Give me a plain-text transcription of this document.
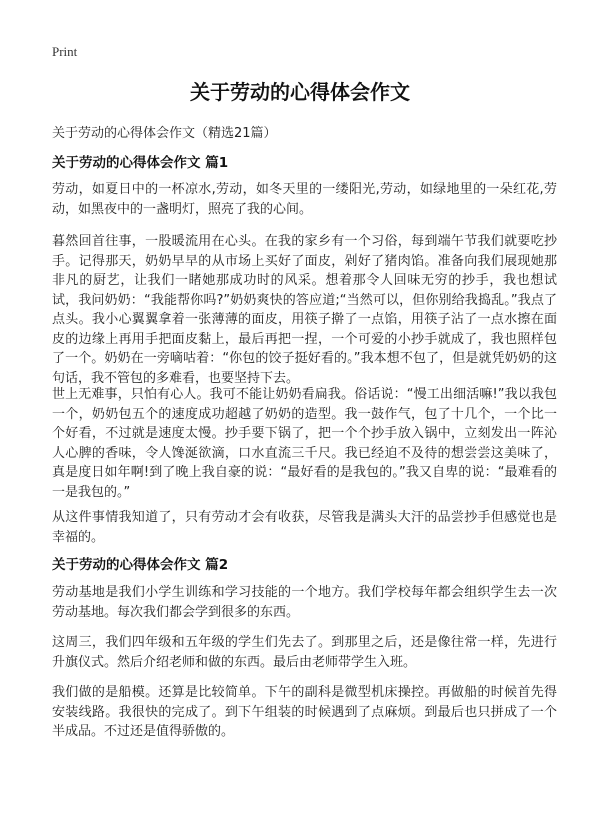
Print
关于劳动的心得体会作文
关于劳动的心得体会作文（精选21篇）
关于劳动的心得体会作文 篇1

劳动，如夏日中的一杯凉水,劳动，如冬天里的一缕阳光,劳动，如绿地里的一朵红花,劳动，如黑夜中的一盏明灯，照亮了我的心间。

暮然回首往事，一股暖流用在心头。在我的家乡有一个习俗，每到端午节我们就要吃抄手。记得那天，奶奶早早的从市场上买好了面皮，剁好了猪肉馅。准备向我们展现她那非凡的厨艺，让我们一睹她那成功时的风采。想着那令人回味无穷的抄手，我也想试试，我问奶奶：“我能帮你吗?”奶奶爽快的答应道;“当然可以，但你别给我捣乱。”我点了点头。我小心翼翼拿着一张薄薄的面皮，用筷子擀了一点馅，用筷子沾了一点水擦在面皮的边缘上再用手把面皮黏上，最后再把一捏，一个可爱的小抄手就成了，我也照样包了一个。奶奶在一旁嘀咕着：“你包的饺子挺好看的。”我本想不包了，但是就凭奶奶的这句话，我不管包的多难看，也要坚持下去。

世上无难事，只怕有心人。我可不能让奶奶看扁我。俗话说：“慢工出细活嘛!”我以我包一个，奶奶包五个的速度成功超越了奶奶的造型。我一鼓作气，包了十几个，一个比一个好看，不过就是速度太慢。抄手要下锅了，把一个个抄手放入锅中，立刻发出一阵沁人心脾的香味，令人馋涎欲滴，口水直流三千尺。我已经迫不及待的想尝尝这美味了，真是度日如年啊!到了晚上我自豪的说：“最好看的是我包的。”我又自卑的说：“最难看的一是我包的。”

从这件事情我知道了，只有劳动才会有收获，尽管我是满头大汗的品尝抄手但感觉也是幸福的。

关于劳动的心得体会作文 篇2

劳动基地是我们小学生训练和学习技能的一个地方。我们学校每年都会组织学生去一次劳动基地。每次我们都会学到很多的东西。

这周三，我们四年级和五年级的学生们先去了。到那里之后，还是像往常一样，先进行升旗仪式。然后介绍老师和做的东西。最后由老师带学生入班。

我们做的是船模。还算是比较简单。下午的副科是微型机床操控。再做船的时候首先得安装线路。我很快的完成了。到下午组装的时候遇到了点麻烦。到最后也只拼成了一个半成品。不过还是值得骄傲的。
